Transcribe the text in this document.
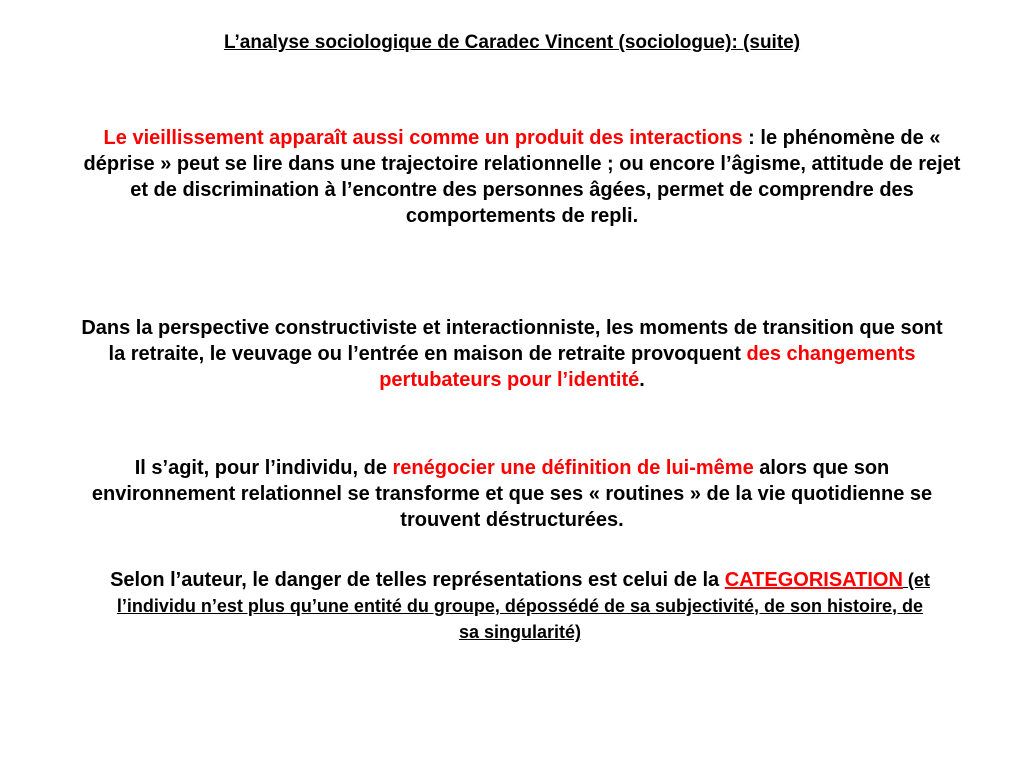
L’analyse sociologique de Caradec Vincent (sociologue): (suite)
Le vieillissement apparaît aussi comme un produit des interactions : le phénomène de « déprise » peut se lire dans une trajectoire relationnelle ; ou encore l’âgisme, attitude de rejet et de discrimination à l’encontre des personnes âgées, permet de comprendre des comportements de repli.
Dans la perspective constructiviste et interactionniste, les moments de transition que sont la retraite, le veuvage ou l’entrée en maison de retraite provoquent des changements pertubateurs pour l’identité.
Il s’agit, pour l’individu, de renégocier une définition de lui-même alors que son environnement relationnel se transforme et que ses « routines » de la vie quotidienne se trouvent déstructurées.
Selon l’auteur, le danger de telles représentations est celui de la CATEGORISATION (et l’individu n’est plus qu’une entité du groupe, dépossédé de sa subjectivité, de son histoire, de sa singularité)
